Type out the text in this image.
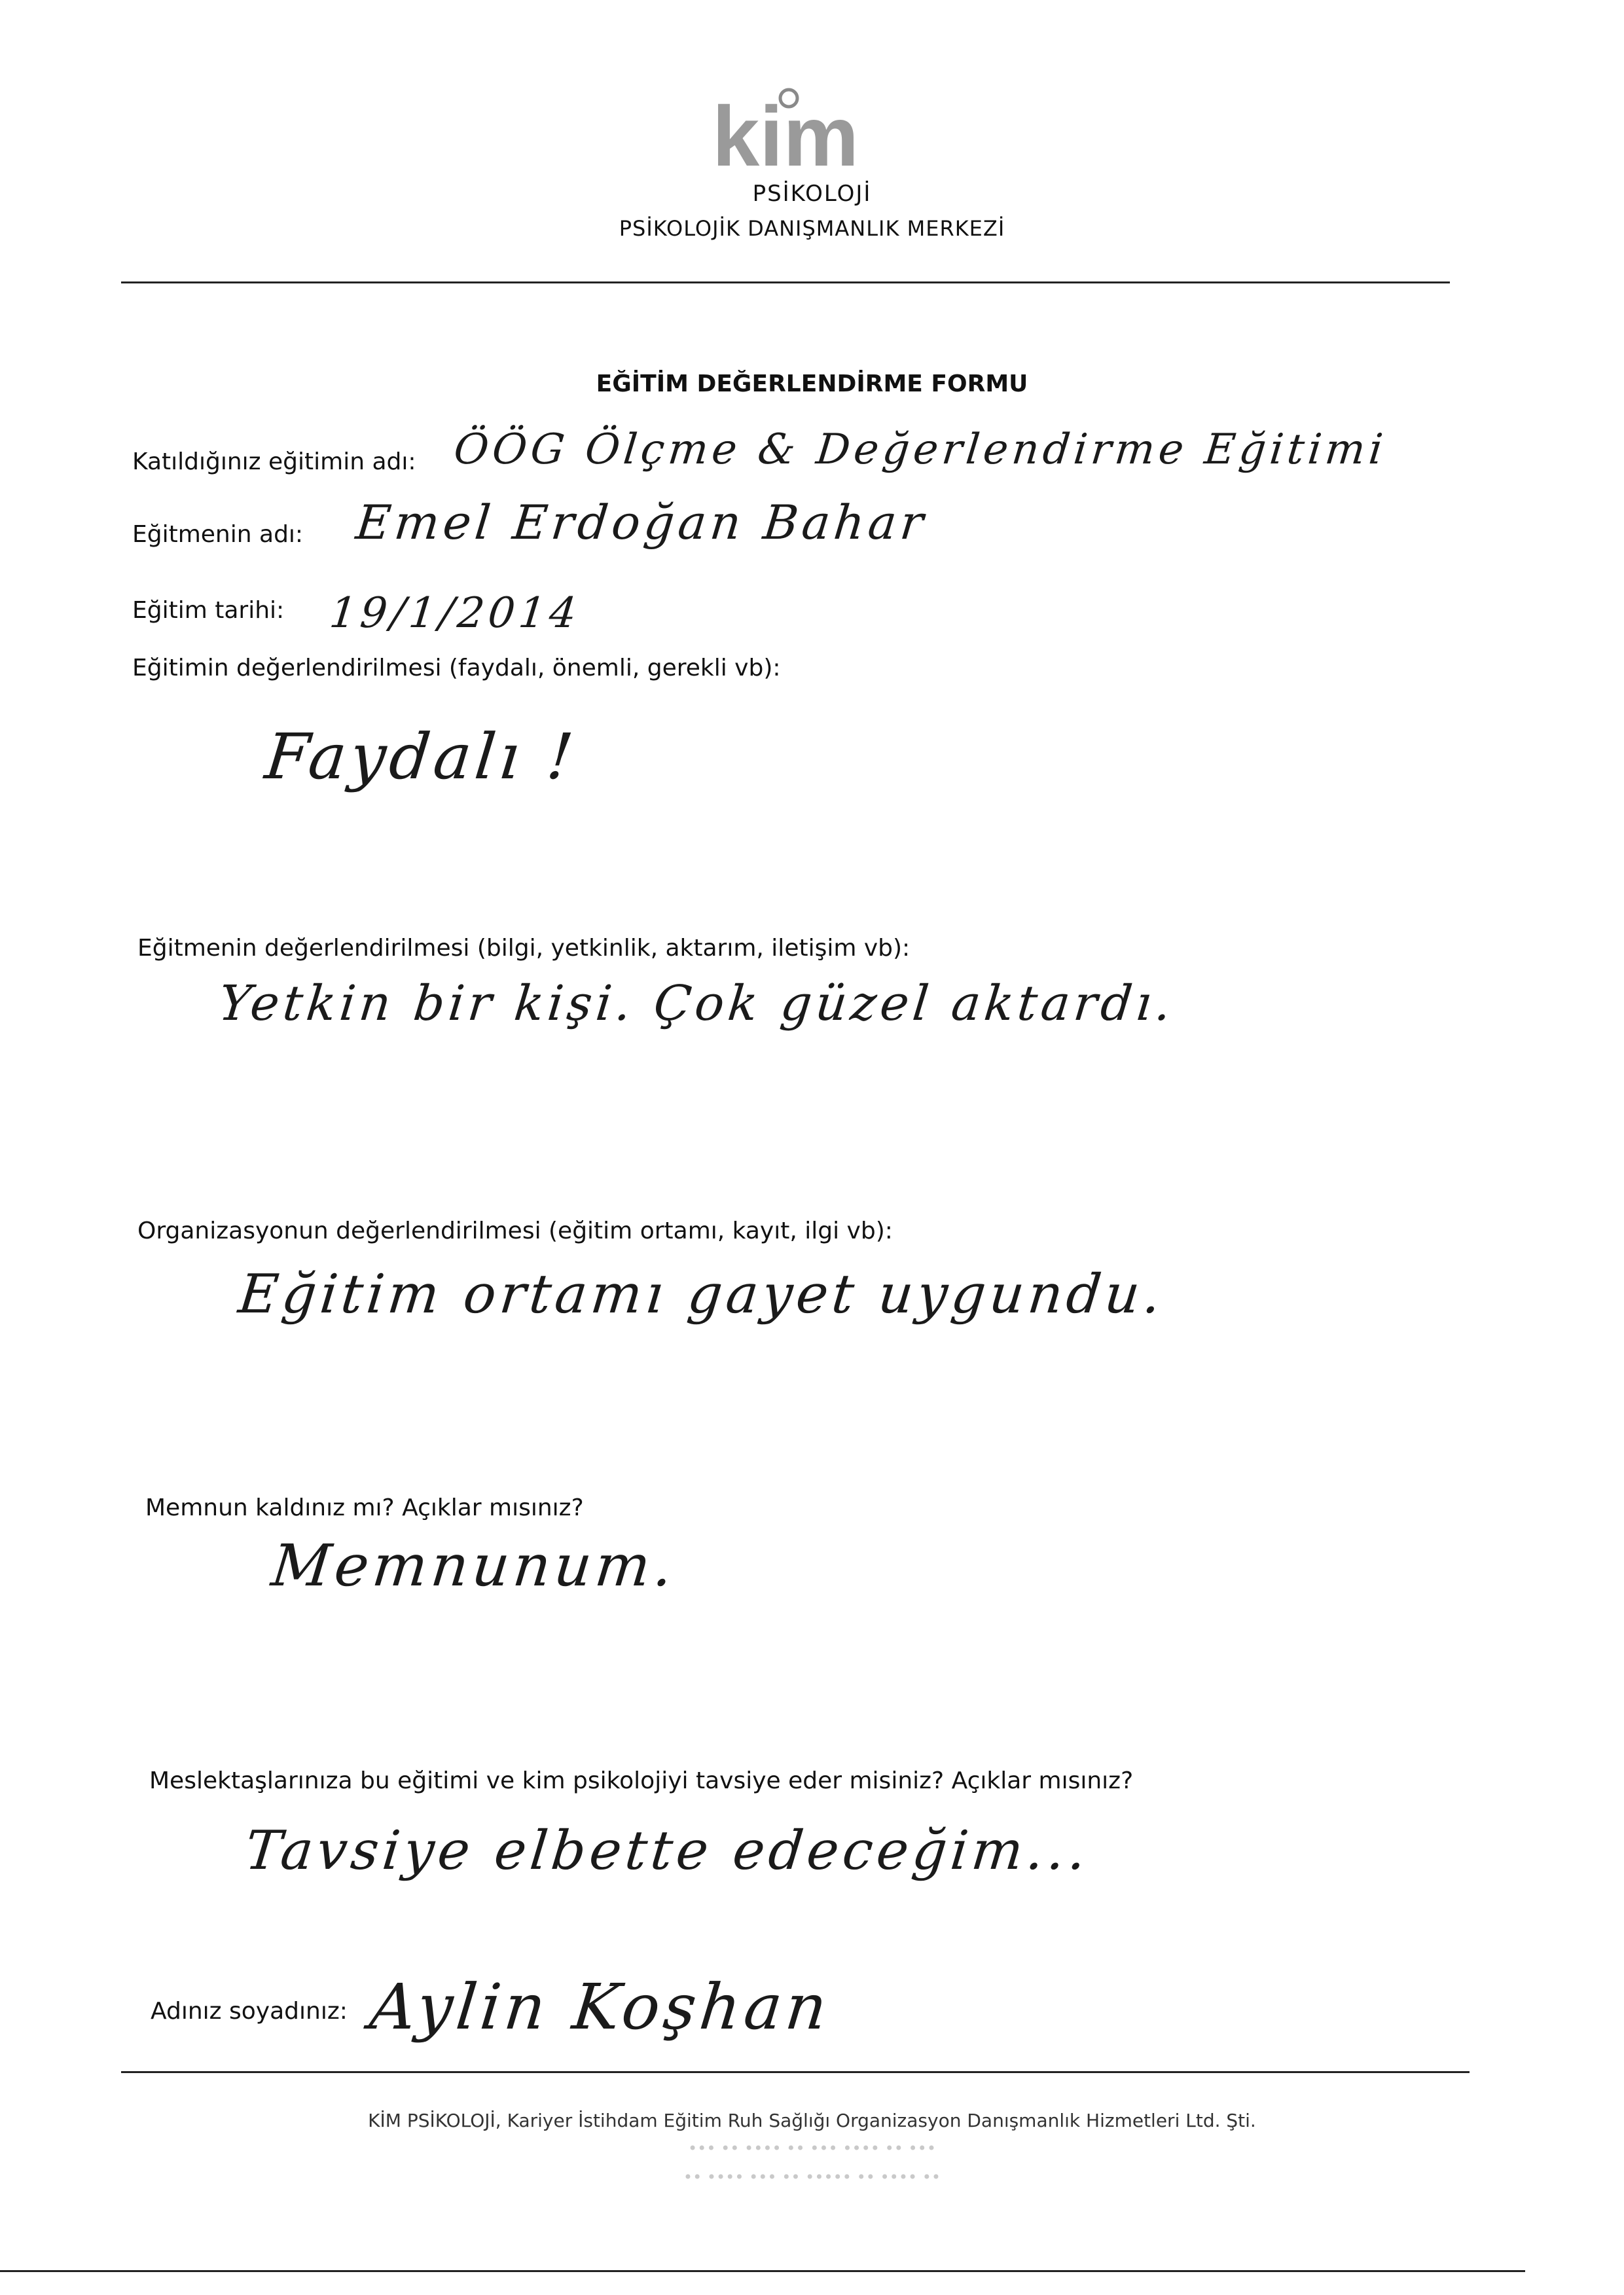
kim
PSİKOLOJİ
PSİKOLOJİK DANIŞMANLIK MERKEZİ
EĞİTİM DEĞERLENDİRME FORMU
Katıldığınız eğitimin adı: ÖÖG Ölçme & Değerlendirme Eğitimi
Eğitmenin adı: Emel Erdoğan Bahar
Eğitim tarihi: 19/1/2014
Eğitimin değerlendirilmesi (faydalı, önemli, gerekli vb):
Faydalı !
Eğitmenin değerlendirilmesi (bilgi, yetkinlik, aktarım, iletişim vb):
Yetkin bir kişi. Çok güzel aktardı.
Organizasyonun değerlendirilmesi (eğitim ortamı, kayıt, ilgi vb):
Eğitim ortamı gayet uygundu.
Memnun kaldınız mı? Açıklar mısınız?
Memnunum.
Meslektaşlarınıza bu eğitimi ve kim psikolojiyi tavsiye eder misiniz? Açıklar mısınız?
Tavsiye elbette edeceğim...
Adınız soyadınız: Aylin Koşhan
KİM PSİKOLOJİ, Kariyer İstihdam Eğitim Ruh Sağlığı Organizasyon Danışmanlık Hizmetleri Ltd. Şti.
••• •• •••• •• ••• •••• •• •••
•• •••• ••• •• ••••• •• •••• ••
